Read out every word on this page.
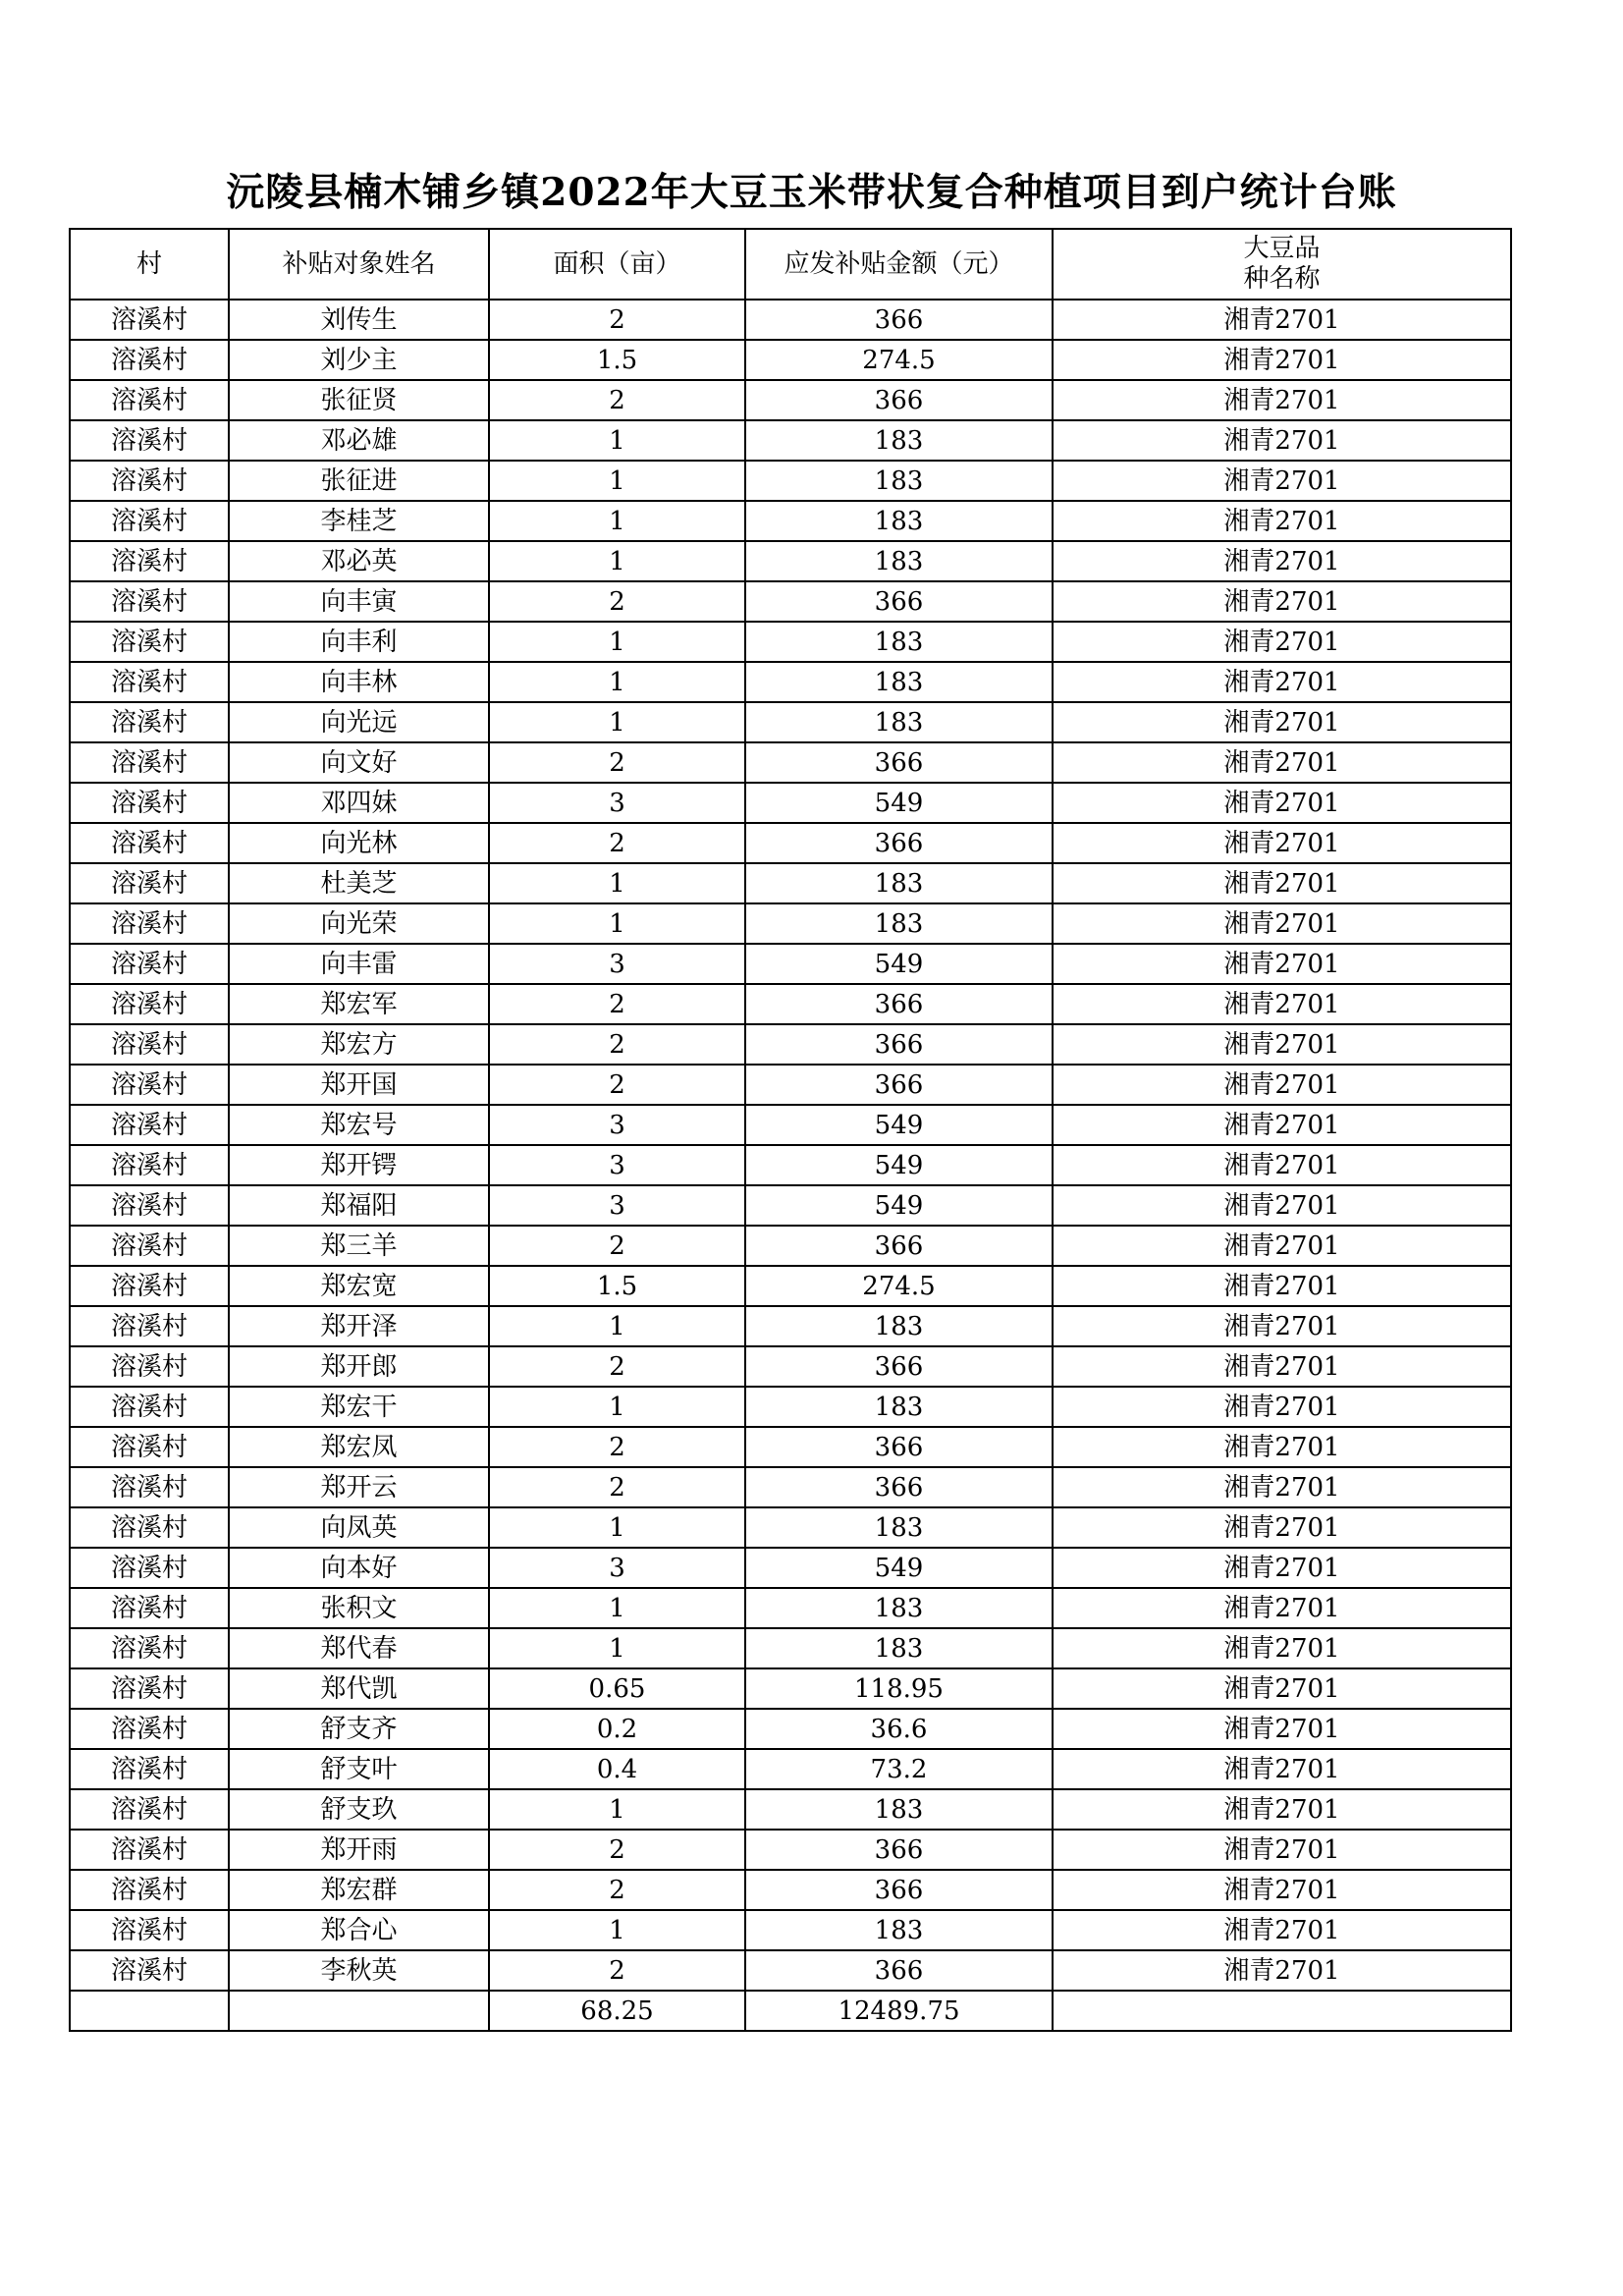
沅陵县楠木铺乡镇2022年大豆玉米带状复合种植项目到户统计台账
村	补贴对象姓名	面积（亩）	应发补贴金额（元）	大豆品
种名称
溶溪村	刘传生	2	366	湘青2701
溶溪村	刘少主	1.5	274.5	湘青2701
溶溪村	张征贤	2	366	湘青2701
溶溪村	邓必雄	1	183	湘青2701
溶溪村	张征进	1	183	湘青2701
溶溪村	李桂芝	1	183	湘青2701
溶溪村	邓必英	1	183	湘青2701
溶溪村	向丰寅	2	366	湘青2701
溶溪村	向丰利	1	183	湘青2701
溶溪村	向丰林	1	183	湘青2701
溶溪村	向光远	1	183	湘青2701
溶溪村	向文好	2	366	湘青2701
溶溪村	邓四妹	3	549	湘青2701
溶溪村	向光林	2	366	湘青2701
溶溪村	杜美芝	1	183	湘青2701
溶溪村	向光荣	1	183	湘青2701
溶溪村	向丰雷	3	549	湘青2701
溶溪村	郑宏军	2	366	湘青2701
溶溪村	郑宏方	2	366	湘青2701
溶溪村	郑开国	2	366	湘青2701
溶溪村	郑宏号	3	549	湘青2701
溶溪村	郑开锷	3	549	湘青2701
溶溪村	郑福阳	3	549	湘青2701
溶溪村	郑三羊	2	366	湘青2701
溶溪村	郑宏宽	1.5	274.5	湘青2701
溶溪村	郑开泽	1	183	湘青2701
溶溪村	郑开郎	2	366	湘青2701
溶溪村	郑宏干	1	183	湘青2701
溶溪村	郑宏凤	2	366	湘青2701
溶溪村	郑开云	2	366	湘青2701
溶溪村	向凤英	1	183	湘青2701
溶溪村	向本好	3	549	湘青2701
溶溪村	张积文	1	183	湘青2701
溶溪村	郑代春	1	183	湘青2701
溶溪村	郑代凯	0.65	118.95	湘青2701
溶溪村	舒支齐	0.2	36.6	湘青2701
溶溪村	舒支叶	0.4	73.2	湘青2701
溶溪村	舒支玖	1	183	湘青2701
溶溪村	郑开雨	2	366	湘青2701
溶溪村	郑宏群	2	366	湘青2701
溶溪村	郑合心	1	183	湘青2701
溶溪村	李秋英	2	366	湘青2701
		68.25	12489.75	
